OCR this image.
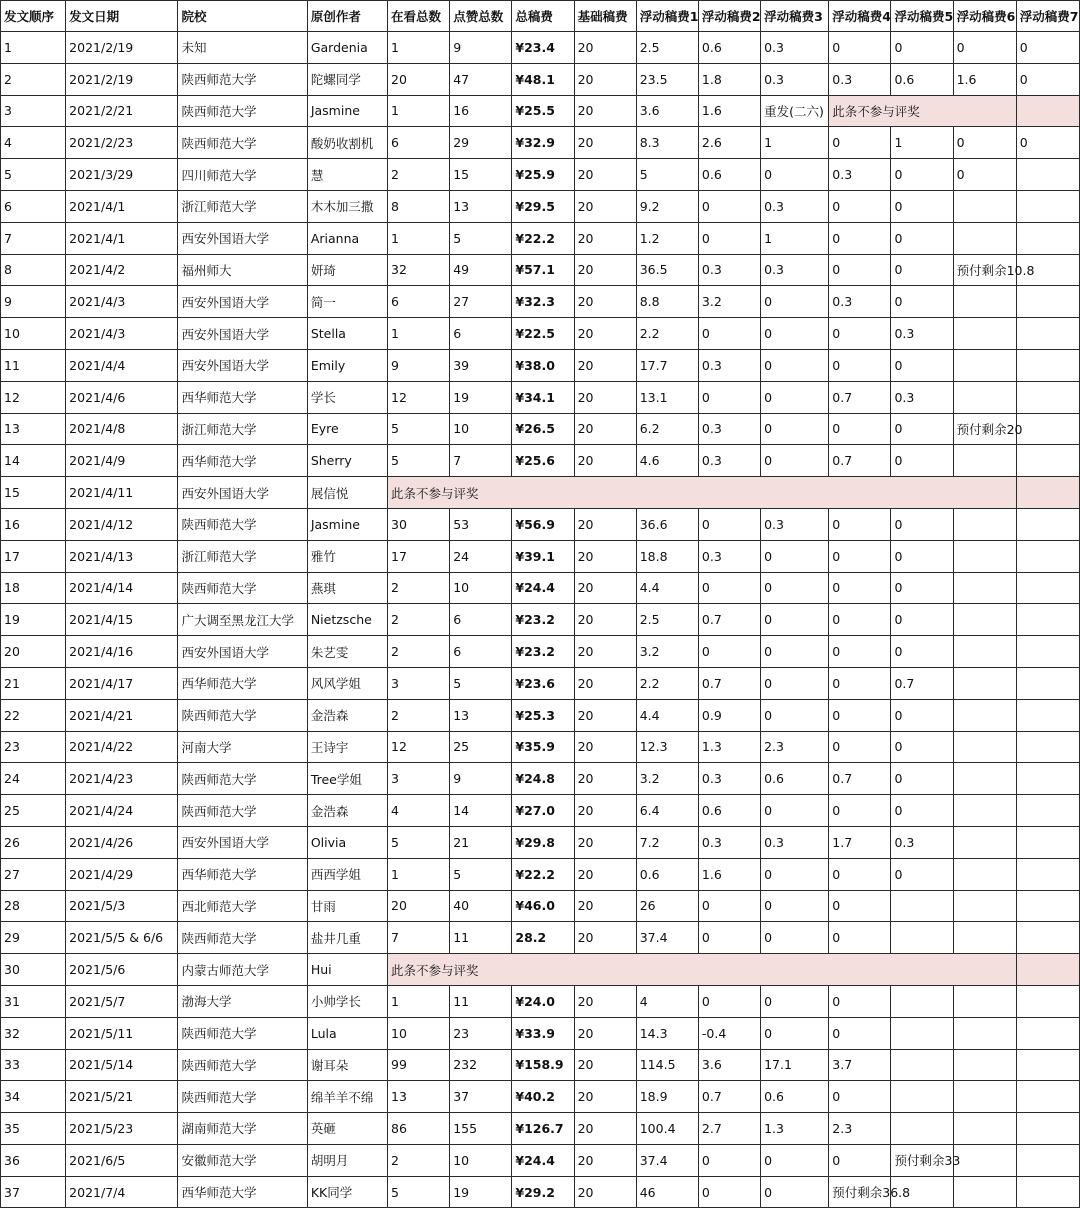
发文顺序	发文日期	院校	原创作者	在看总数	点赞总数	总稿费	基础稿费	浮动稿费1	浮动稿费2	浮动稿费3	浮动稿费4	浮动稿费5	浮动稿费6	浮动稿费7
1	2021/2/19	未知	Gardenia	1	9	¥23.4	20	2.5	0.6	0.3	0	0	0	0
2	2021/2/19	陕西师范大学	陀螺同学	20	47	¥48.1	20	23.5	1.8	0.3	0.3	0.6	1.6	0
3	2021/2/21	陕西师范大学	Jasmine	1	16	¥25.5	20	3.6	1.6	重发(二六)	此条不参与评奖			
4	2021/2/23	陕西师范大学	酸奶收割机	6	29	¥32.9	20	8.3	2.6	1	0	1	0	0
5	2021/3/29	四川师范大学	慧	2	15	¥25.9	20	5	0.6	0	0.3	0	0	
6	2021/4/1	浙江师范大学	木木加三撒	8	13	¥29.5	20	9.2	0	0.3	0	0		
7	2021/4/1	西安外国语大学	Arianna	1	5	¥22.2	20	1.2	0	1	0	0		
8	2021/4/2	福州师大	妍琦	32	49	¥57.1	20	36.5	0.3	0.3	0	0	预付剩余10.8	
9	2021/4/3	西安外国语大学	简一	6	27	¥32.3	20	8.8	3.2	0	0.3	0		
10	2021/4/3	西安外国语大学	Stella	1	6	¥22.5	20	2.2	0	0	0	0.3		
11	2021/4/4	西安外国语大学	Emily	9	39	¥38.0	20	17.7	0.3	0	0	0		
12	2021/4/6	西华师范大学	学长	12	19	¥34.1	20	13.1	0	0	0.7	0.3		
13	2021/4/8	浙江师范大学	Eyre	5	10	¥26.5	20	6.2	0.3	0	0	0	预付剩余20	
14	2021/4/9	西华师范大学	Sherry	5	7	¥25.6	20	4.6	0.3	0	0.7	0		
15	2021/4/11	西安外国语大学	展信悦	此条不参与评奖										
16	2021/4/12	陕西师范大学	Jasmine	30	53	¥56.9	20	36.6	0	0.3	0	0		
17	2021/4/13	浙江师范大学	雅竹	17	24	¥39.1	20	18.8	0.3	0	0	0		
18	2021/4/14	陕西师范大学	燕琪	2	10	¥24.4	20	4.4	0	0	0	0		
19	2021/4/15	广大调至黑龙江大学	Nietzsche	2	6	¥23.2	20	2.5	0.7	0	0	0		
20	2021/4/16	西安外国语大学	朱艺雯	2	6	¥23.2	20	3.2	0	0	0	0		
21	2021/4/17	西华师范大学	风风学姐	3	5	¥23.6	20	2.2	0.7	0	0	0.7		
22	2021/4/21	陕西师范大学	金浩森	2	13	¥25.3	20	4.4	0.9	0	0	0		
23	2021/4/22	河南大学	王诗宇	12	25	¥35.9	20	12.3	1.3	2.3	0	0		
24	2021/4/23	陕西师范大学	Tree学姐	3	9	¥24.8	20	3.2	0.3	0.6	0.7	0		
25	2021/4/24	陕西师范大学	金浩森	4	14	¥27.0	20	6.4	0.6	0	0	0		
26	2021/4/26	西安外国语大学	Olivia	5	21	¥29.8	20	7.2	0.3	0.3	1.7	0.3		
27	2021/4/29	西华师范大学	西西学姐	1	5	¥22.2	20	0.6	1.6	0	0	0		
28	2021/5/3	西北师范大学	甘雨	20	40	¥46.0	20	26	0	0	0			
29	2021/5/5 & 6/6	陕西师范大学	盐井几重	7	11	28.2	20	37.4	0	0	0			
30	2021/5/6	内蒙古师范大学	Hui	此条不参与评奖										
31	2021/5/7	渤海大学	小帅学长	1	11	¥24.0	20	4	0	0	0			
32	2021/5/11	陕西师范大学	Lula	10	23	¥33.9	20	14.3	-0.4	0	0			
33	2021/5/14	陕西师范大学	谢耳朵	99	232	¥158.9	20	114.5	3.6	17.1	3.7			
34	2021/5/21	陕西师范大学	绵羊羊不绵	13	37	¥40.2	20	18.9	0.7	0.6	0			
35	2021/5/23	湖南师范大学	英砸	86	155	¥126.7	20	100.4	2.7	1.3	2.3			
36	2021/6/5	安徽师范大学	胡明月	2	10	¥24.4	20	37.4	0	0	0	预付剩余33		
37	2021/7/4	西华师范大学	KK同学	5	19	¥29.2	20	46	0	0	预付剩余36.8			
